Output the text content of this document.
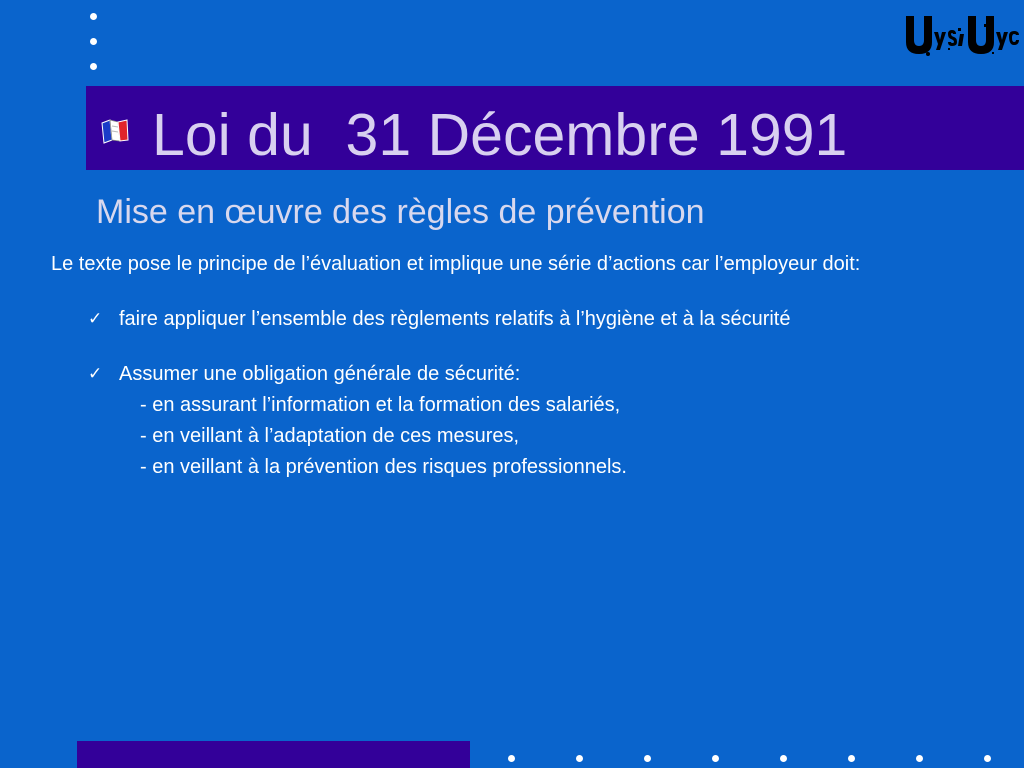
Loi du  31 Décembre 1991
Mise en œuvre des règles de prévention
Le texte pose le principe de l’évaluation et implique une série d’actions car l’employeur doit:
✓ faire appliquer l’ensemble des règlements relatifs à l’hygiène et à la sécurité
✓ Assumer une obligation générale de sécurité:
- en assurant l’information et la formation des salariés,
- en veillant à l’adaptation de ces mesures,
- en veillant à la prévention des risques professionnels.
